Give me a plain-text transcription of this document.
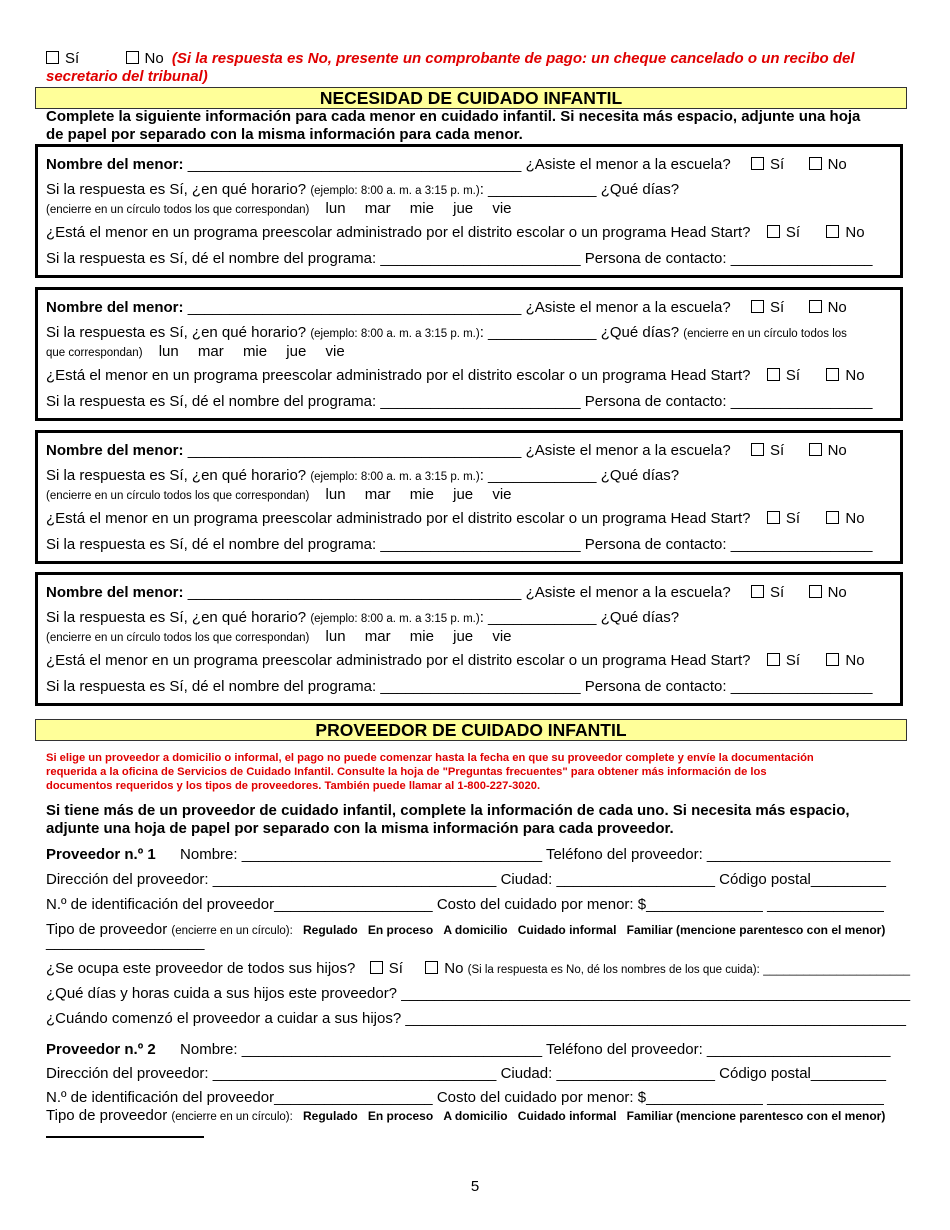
Sí	No (Si la respuesta es No, presente un comprobante de pago: un cheque cancelado o un recibo del
secretario del tribunal)
NECESIDAD DE CUIDADO INFANTIL
Complete la siguiente información para cada menor en cuidado infantil. Si necesita más espacio, adjunte una hoja
de papel por separado con la misma información para cada menor.
Nombre del menor: ________________________________________ ¿Asiste el menor a la escuela?	Sí	No
Si la respuesta es Sí, ¿en qué horario? (ejemplo: 8:00 a. m. a 3:15 p. m.): _____________ ¿Qué días?
(encierre en un círculo todos los que correspondan) lun mar mie jue vie
¿Está el menor en un programa preescolar administrado por el distrito escolar o un programa Head Start? Sí	No
Si la respuesta es Sí, dé el nombre del programa: ________________________ Persona de contacto: _________________
Nombre del menor: ________________________________________ ¿Asiste el menor a la escuela?	Sí	No
Si la respuesta es Sí, ¿en qué horario? (ejemplo: 8:00 a. m. a 3:15 p. m.): _____________ ¿Qué días? (encierre en un círculo todos los
que correspondan) lun mar mie jue vie
¿Está el menor en un programa preescolar administrado por el distrito escolar o un programa Head Start? Sí	No
Si la respuesta es Sí, dé el nombre del programa: ________________________ Persona de contacto: _________________
Nombre del menor: ________________________________________ ¿Asiste el menor a la escuela?	Sí	No
Si la respuesta es Sí, ¿en qué horario? (ejemplo: 8:00 a. m. a 3:15 p. m.): _____________ ¿Qué días?
(encierre en un círculo todos los que correspondan) lun mar mie jue vie
¿Está el menor en un programa preescolar administrado por el distrito escolar o un programa Head Start? Sí	No
Si la respuesta es Sí, dé el nombre del programa: ________________________ Persona de contacto: _________________
Nombre del menor: ________________________________________ ¿Asiste el menor a la escuela?	Sí	No
Si la respuesta es Sí, ¿en qué horario? (ejemplo: 8:00 a. m. a 3:15 p. m.): _____________ ¿Qué días?
(encierre en un círculo todos los que correspondan) lun mar mie jue vie
¿Está el menor en un programa preescolar administrado por el distrito escolar o un programa Head Start? Sí	No
Si la respuesta es Sí, dé el nombre del programa: ________________________ Persona de contacto: _________________
PROVEEDOR DE CUIDADO INFANTIL
Si elige un proveedor a domicilio o informal, el pago no puede comenzar hasta la fecha en que su proveedor complete y envíe la documentación
requerida a la oficina de Servicios de Cuidado Infantil. Consulte la hoja de "Preguntas frecuentes" para obtener más información de los
documentos requeridos y los tipos de proveedores. También puede llamar al 1-800-227-3020.
Si tiene más de un proveedor de cuidado infantil, complete la información de cada uno. Si necesita más espacio,
adjunte una hoja de papel por separado con la misma información para cada proveedor.
Proveedor n.º 1 Nombre: ____________________________________ Teléfono del proveedor: ______________________
Dirección del proveedor: __________________________________ Ciudad: ___________________ Código postal_________
N.º de identificación del proveedor___________________ Costo del cuidado por menor: $______________ ______________
Tipo de proveedor (encierre en un círculo): Regulado En proceso A domicilio Cuidado informal Familiar (mencione parentesco con el menor)
___________________
¿Se ocupa este proveedor de todos sus hijos? Sí	No (Si la respuesta es No, dé los nombres de los que cuida): ______________________
¿Qué días y horas cuida a sus hijos este proveedor? _____________________________________________________________
¿Cuándo comenzó el proveedor a cuidar a sus hijos? ____________________________________________________________
Proveedor n.º 2 Nombre: ____________________________________ Teléfono del proveedor: ______________________
Dirección del proveedor: __________________________________ Ciudad: ___________________ Código postal_________
N.º de identificación del proveedor___________________ Costo del cuidado por menor: $______________ ______________
Tipo de proveedor (encierre en un círculo): Regulado En proceso A domicilio Cuidado informal Familiar (mencione parentesco con el menor)
5
